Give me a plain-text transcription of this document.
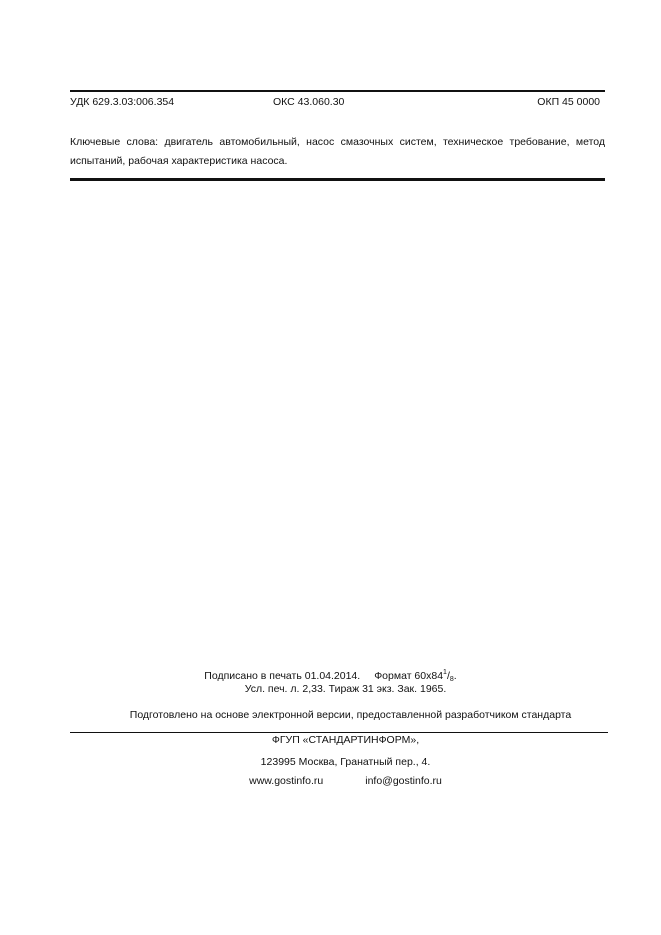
УДК 629.3.03:006.354	ОКС 43.060.30	ОКП 45 0000
Ключевые слова: двигатель автомобильный, насос смазочных систем, техническое требование, метод испытаний, рабочая характеристика насоса.
Подписано в печать 01.04.2014. Формат $60x84^1/_8$.
Усл. печ. л. 2,33. Тираж 31 экз. Зак. 1965.
Подготовлено на основе электронной версии, предоставленной разработчиком стандарта
ФГУП «СТАНДАРТИНФОРМ»,
123995 Москва, Гранатный пер., 4.
www.gostinfo.ru	info@gostinfo.ru
